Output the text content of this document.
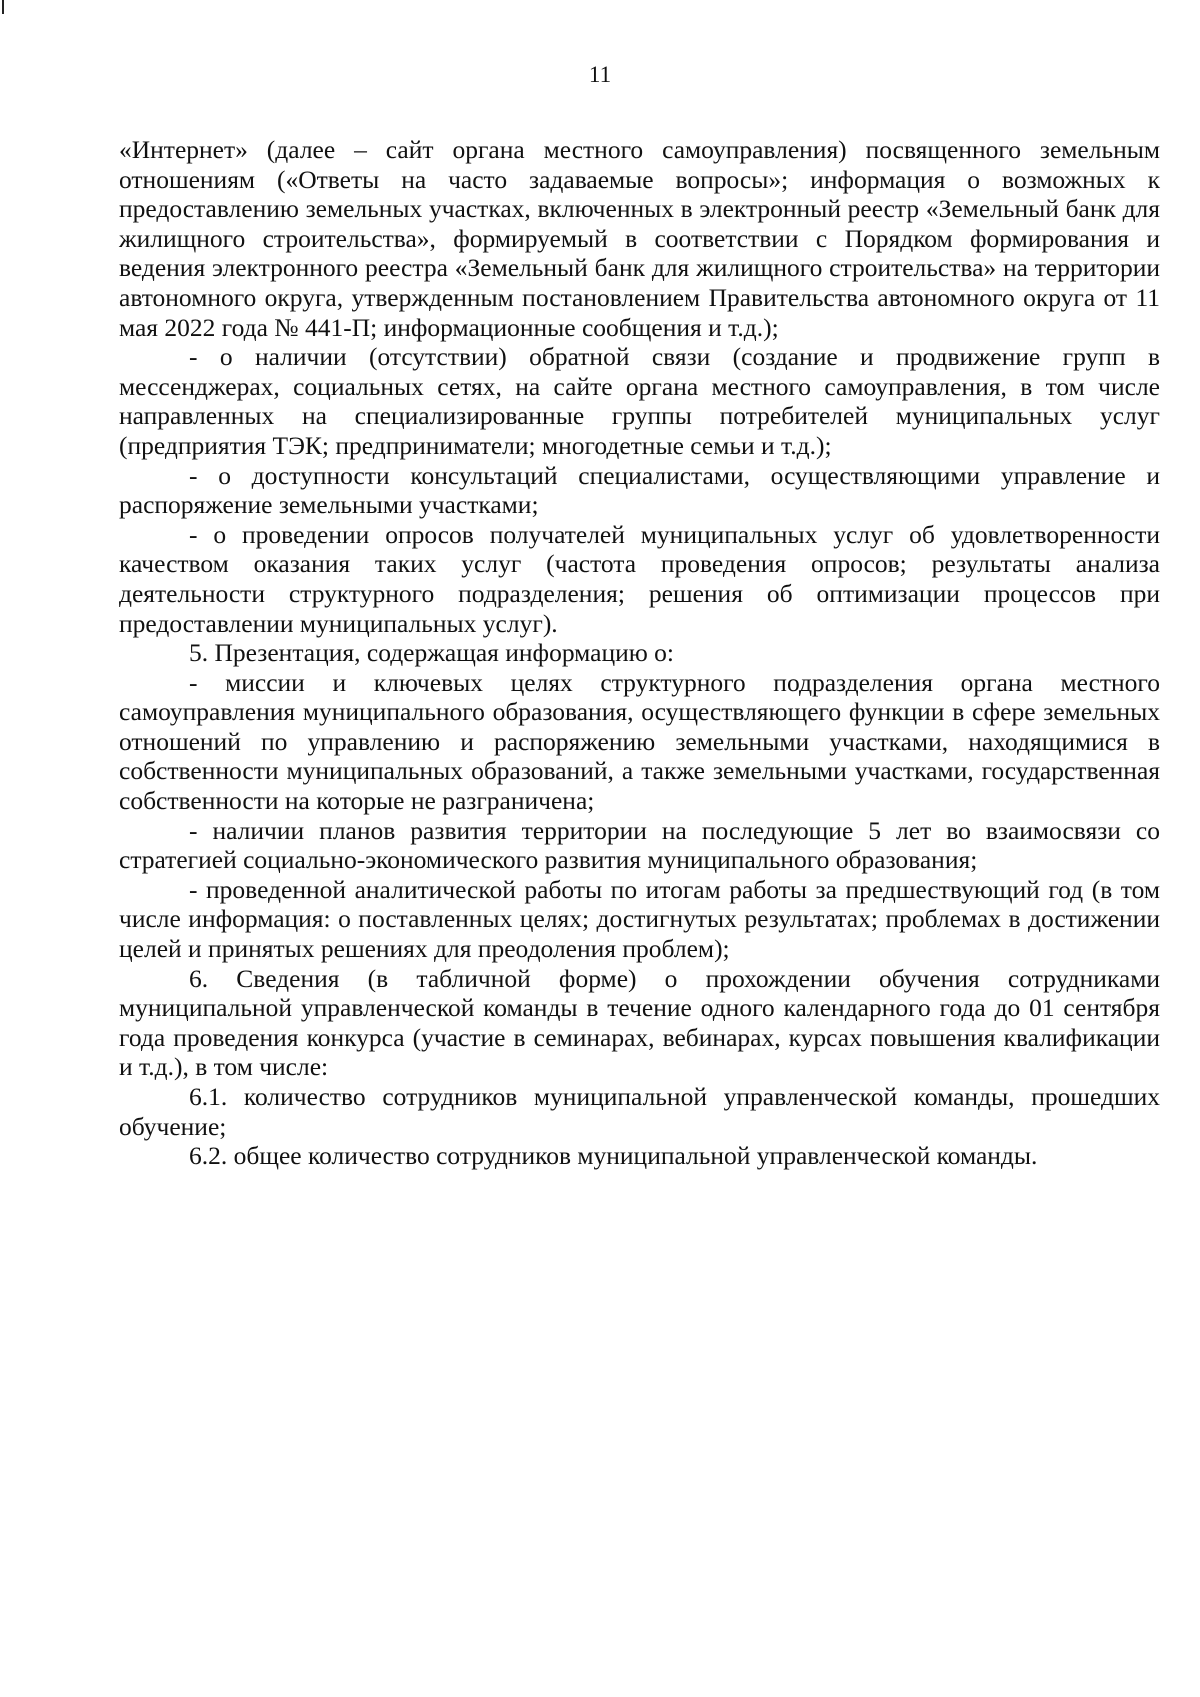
11

«Интернет» (далее – сайт органа местного самоуправления) посвященного земельным отношениям («Ответы на часто задаваемые вопросы»; информация о возможных к предоставлению земельных участках, включенных в электронный реестр «Земельный банк для жилищного строительства», формируемый в соответствии с Порядком формирования и ведения электронного реестра «Земельный банк для жилищного строительства» на территории автономного округа, утвержденным постановлением Правительства автономного округа от 11 мая 2022 года № 441-П; информационные сообщения и т.д.);

- о наличии (отсутствии) обратной связи (создание и продвижение групп в мессенджерах, социальных сетях, на сайте органа местного самоуправления, в том числе направленных на специализированные группы потребителей муниципальных услуг (предприятия ТЭК; предприниматели; многодетные семьи и т.д.);

- о доступности консультаций специалистами, осуществляющими управление и распоряжение земельными участками;

- о проведении опросов получателей муниципальных услуг об удовлетворенности качеством оказания таких услуг (частота проведения опросов; результаты анализа деятельности структурного подразделения; решения об оптимизации процессов при предоставлении муниципальных услуг).

5. Презентация, содержащая информацию о:

- миссии и ключевых целях структурного подразделения органа местного самоуправления муниципального образования, осуществляющего функции в сфере земельных отношений по управлению и распоряжению земельными участками, находящимися в собственности муниципальных образований, а также земельными участками, государственная собственности на которые не разграничена;

- наличии планов развития территории на последующие 5 лет во взаимосвязи со стратегией социально-экономического развития муниципального образования;

- проведенной аналитической работы по итогам работы за предшествующий год (в том числе информация: о поставленных целях; достигнутых результатах; проблемах в достижении целей и принятых решениях для преодоления проблем);

6. Сведения (в табличной форме) о прохождении обучения сотрудниками муниципальной управленческой команды в течение одного календарного года до 01 сентября года проведения конкурса (участие в семинарах, вебинарах, курсах повышения квалификации и т.д.), в том числе:

6.1. количество сотрудников муниципальной управленческой команды, прошедших обучение;

6.2. общее количество сотрудников муниципальной управленческой команды.
